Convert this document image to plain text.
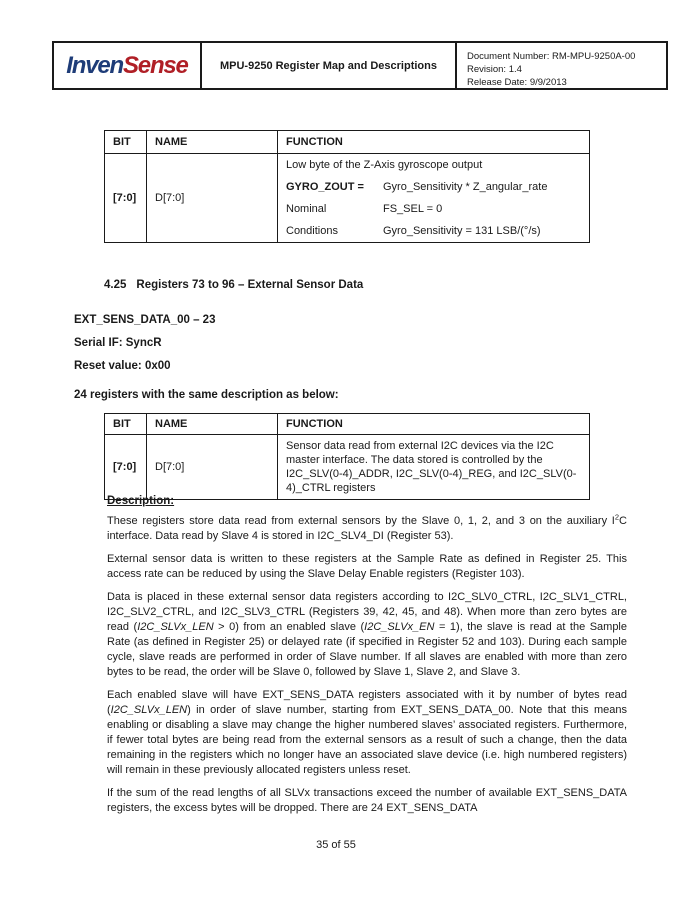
InvenSense	MPU-9250 Register Map and Descriptions
Document Number: RM-MPU-9250A-00
Revision: 1.4
Release Date: 9/9/2013
BIT	NAME	FUNCTION
[7:0]	D[7:0]	
Low byte of the Z-Axis gyroscope output
GYRO_ZOUT =	Gyro_Sensitivity * Z_angular_rate
Nominal	FS_SEL = 0
Conditions	Gyro_Sensitivity = 131 LSB/(°/s)
4.25 Registers 73 to 96 – External Sensor Data
EXT_SENS_DATA_00 – 23
Serial IF: SyncR
Reset value: 0x00
24 registers with the same description as below:
BIT	NAME	FUNCTION
[7:0]	D[7:0]	Sensor data read from external I2C devices via the I2C master interface. The data stored is controlled by the I2C_SLV(0-4)_ADDR, I2C_SLV(0-4)_REG, and I2C_SLV(0-4)_CTRL registers
Description:

These registers store data read from external sensors by the Slave 0, 1, 2, and 3 on the auxiliary $I^2C$ interface. Data read by Slave 4 is stored in I2C_SLV4_DI (Register 53).

External sensor data is written to these registers at the Sample Rate as defined in Register 25. This access rate can be reduced by using the Slave Delay Enable registers (Register 103).

Data is placed in these external sensor data registers according to I2C_SLV0_CTRL, I2C_SLV1_CTRL, I2C_SLV2_CTRL, and I2C_SLV3_CTRL (Registers 39, 42, 45, and 48). When more than zero bytes are read (I2C_SLVx_LEN > 0) from an enabled slave (I2C_SLVx_EN = 1), the slave is read at the Sample Rate (as defined in Register 25) or delayed rate (if specified in Register 52 and 103). During each sample cycle, slave reads are performed in order of Slave number. If all slaves are enabled with more than zero bytes to be read, the order will be Slave 0, followed by Slave 1, Slave 2, and Slave 3.

Each enabled slave will have EXT_SENS_DATA registers associated with it by number of bytes read (I2C_SLVx_LEN) in order of slave number, starting from EXT_SENS_DATA_00. Note that this means enabling or disabling a slave may change the higher numbered slaves’ associated registers. Furthermore, if fewer total bytes are being read from the external sensors as a result of such a change, then the data remaining in the registers which no longer have an associated slave device (i.e. high numbered registers) will remain in these previously allocated registers unless reset.

If the sum of the read lengths of all SLVx transactions exceed the number of available EXT_SENS_DATA registers, the excess bytes will be dropped. There are 24 EXT_SENS_DATA

35 of 55
